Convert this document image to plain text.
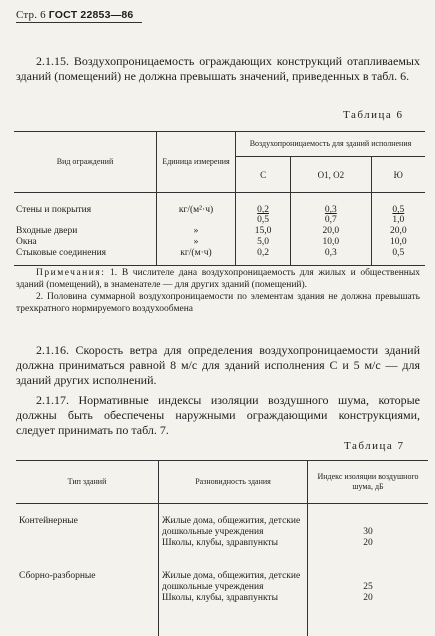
Стр. 6 ГОСТ 22853—86

2.1.15. Воздухопроницаемость ограждающих конструкций отапливаемых зданий (помещений) не должна превышать значений, приведенных в табл. 6.

Таблица 6
Вид ограждений	Единица измерения	Воздухопроницаемость для зданий исполнения		
		С	О1, О2	Ю
Стены и покрытия	кг/(м²·ч)	0,2	0,3	0,5
		0,5	0,7	1,0
Входные двери	»	15,0	20,0	20,0
Окна	»	5,0	10,0	10,0
Стыковые соединения	кг/(м·ч)	0,2	0,3	0,5
Примечания: 1. В числителе дана воздухопроницаемость для жилых и общественных зданий (помещений), в знаменателе — для других зданий (помещений).
2. Половина суммарной воздухопроницаемости по элементам здания не должна превышать трехкратного нормируемого воздухообмена

2.1.16. Скорость ветра для определения воздухопроницаемости зданий должна приниматься равной 8 м/с для зданий исполнения С и 5 м/с — для зданий других исполнений.

2.1.17. Нормативные индексы изоляции воздушного шума, которые должны быть обеспечены наружными ограждающими конструкциями, следует принимать по табл. 7.

Таблица 7
Тип зданий	Разновидность здания	Индекс изоляции воздушного шума, дБ
Контейнерные	Жилые дома, общежития, детские дошкольные учреждения	30
	Школы, клубы, здравпункты	20
Сборно-разборные	Жилые дома, общежития, детские дошкольные учреждения	25
	Школы, клубы, здравпункты	20
